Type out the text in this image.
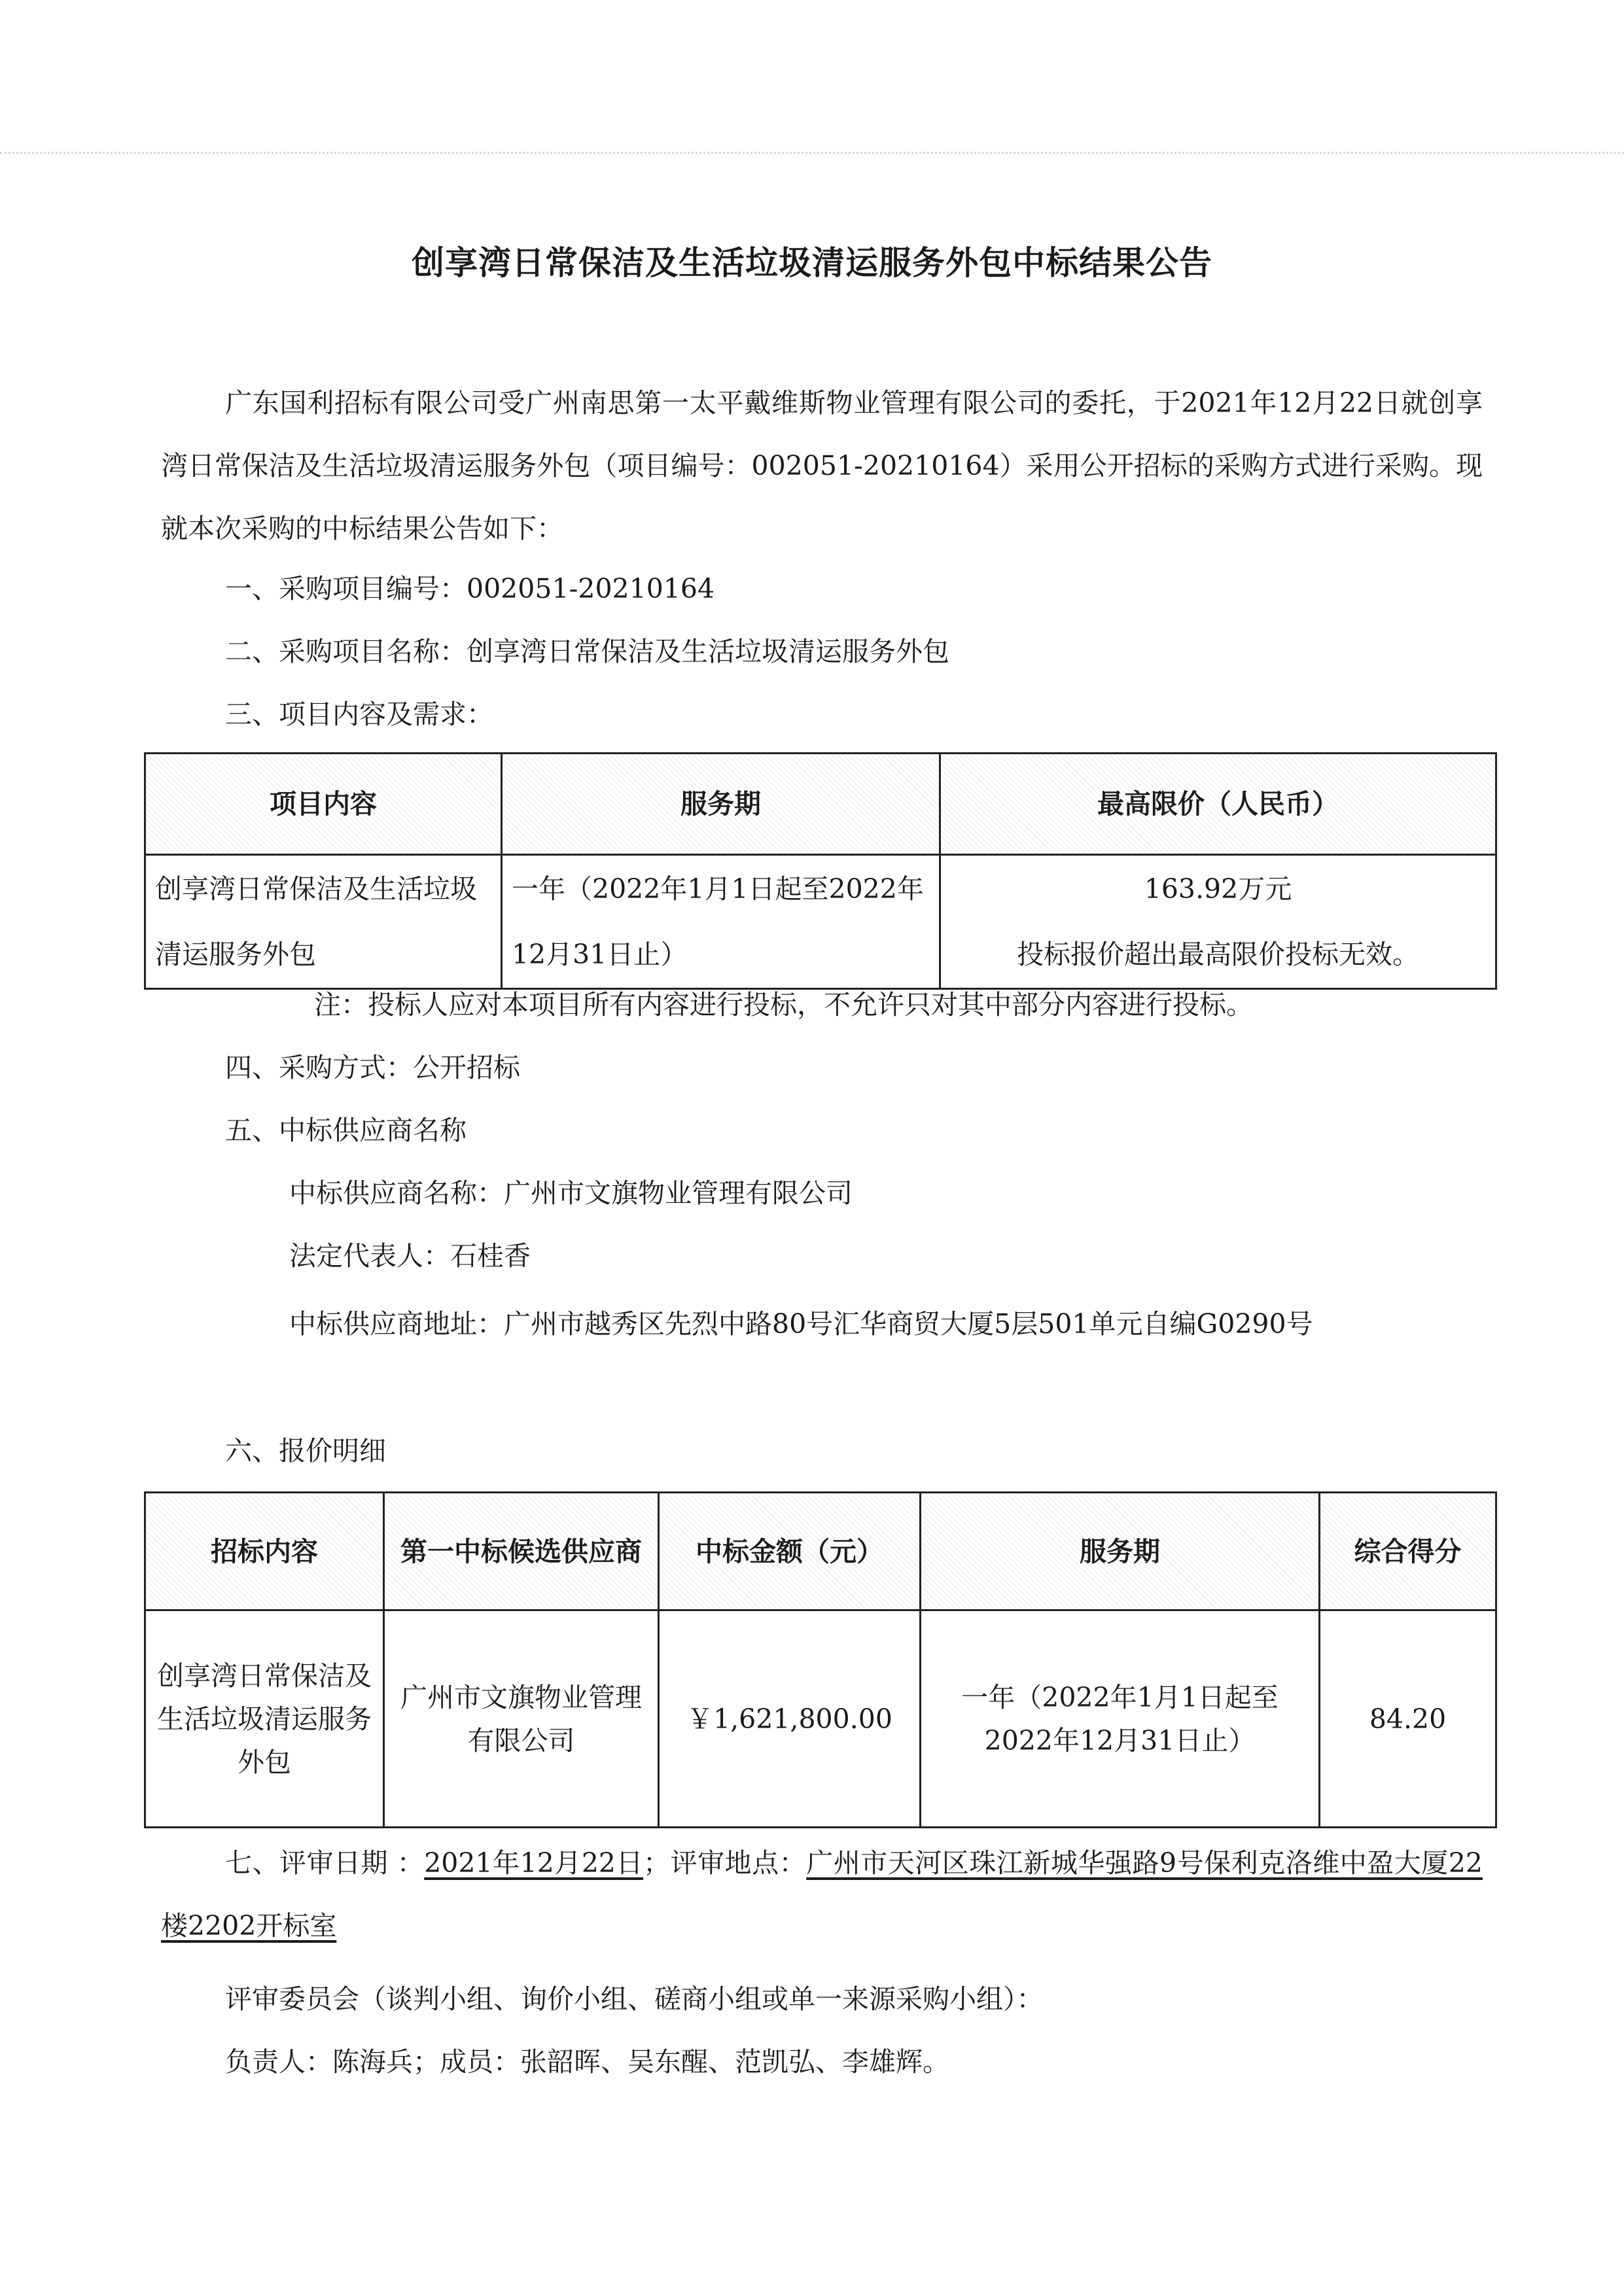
创享湾日常保洁及生活垃圾清运服务外包中标结果公告
广东国利招标有限公司受广州南思第一太平戴维斯物业管理有限公司的委托，于2021年12月22日就创享湾日常保洁及生活垃圾清运服务外包（项目编号：002051-20210164）采用公开招标的采购方式进行采购。现就本次采购的中标结果公告如下：
一、采购项目编号：002051-20210164
二、采购项目名称：创享湾日常保洁及生活垃圾清运服务外包
三、项目内容及需求：
项目内容	服务期	最高限价（人民币）
创享湾日常保洁及生活垃圾清运服务外包	一年（2022年1月1日起至2022年12月31日止）	163.92万元
投标报价超出最高限价投标无效。
注：投标人应对本项目所有内容进行投标，不允许只对其中部分内容进行投标。
四、采购方式：公开招标
五、中标供应商名称
中标供应商名称：广州市文旗物业管理有限公司
法定代表人：石桂香
中标供应商地址：广州市越秀区先烈中路80号汇华商贸大厦5层501单元自编G0290号
六、报价明细
招标内容	第一中标候选供应商	中标金额（元）	服务期	综合得分
创享湾日常保洁及生活垃圾清运服务外包	广州市文旗物业管理有限公司	￥1,621,800.00	一年（2022年1月1日起至2022年12月31日止）	84.20
七、评审日期 ：2021年12月22日；评审地点：广州市天河区珠江新城华强路9号保利克洛维中盈大厦22楼2202开标室
评审委员会（谈判小组、询价小组、磋商小组或单一来源采购小组）：
负责人：陈海兵；成员：张韶晖、吴东醒、范凯弘、李雄辉。
